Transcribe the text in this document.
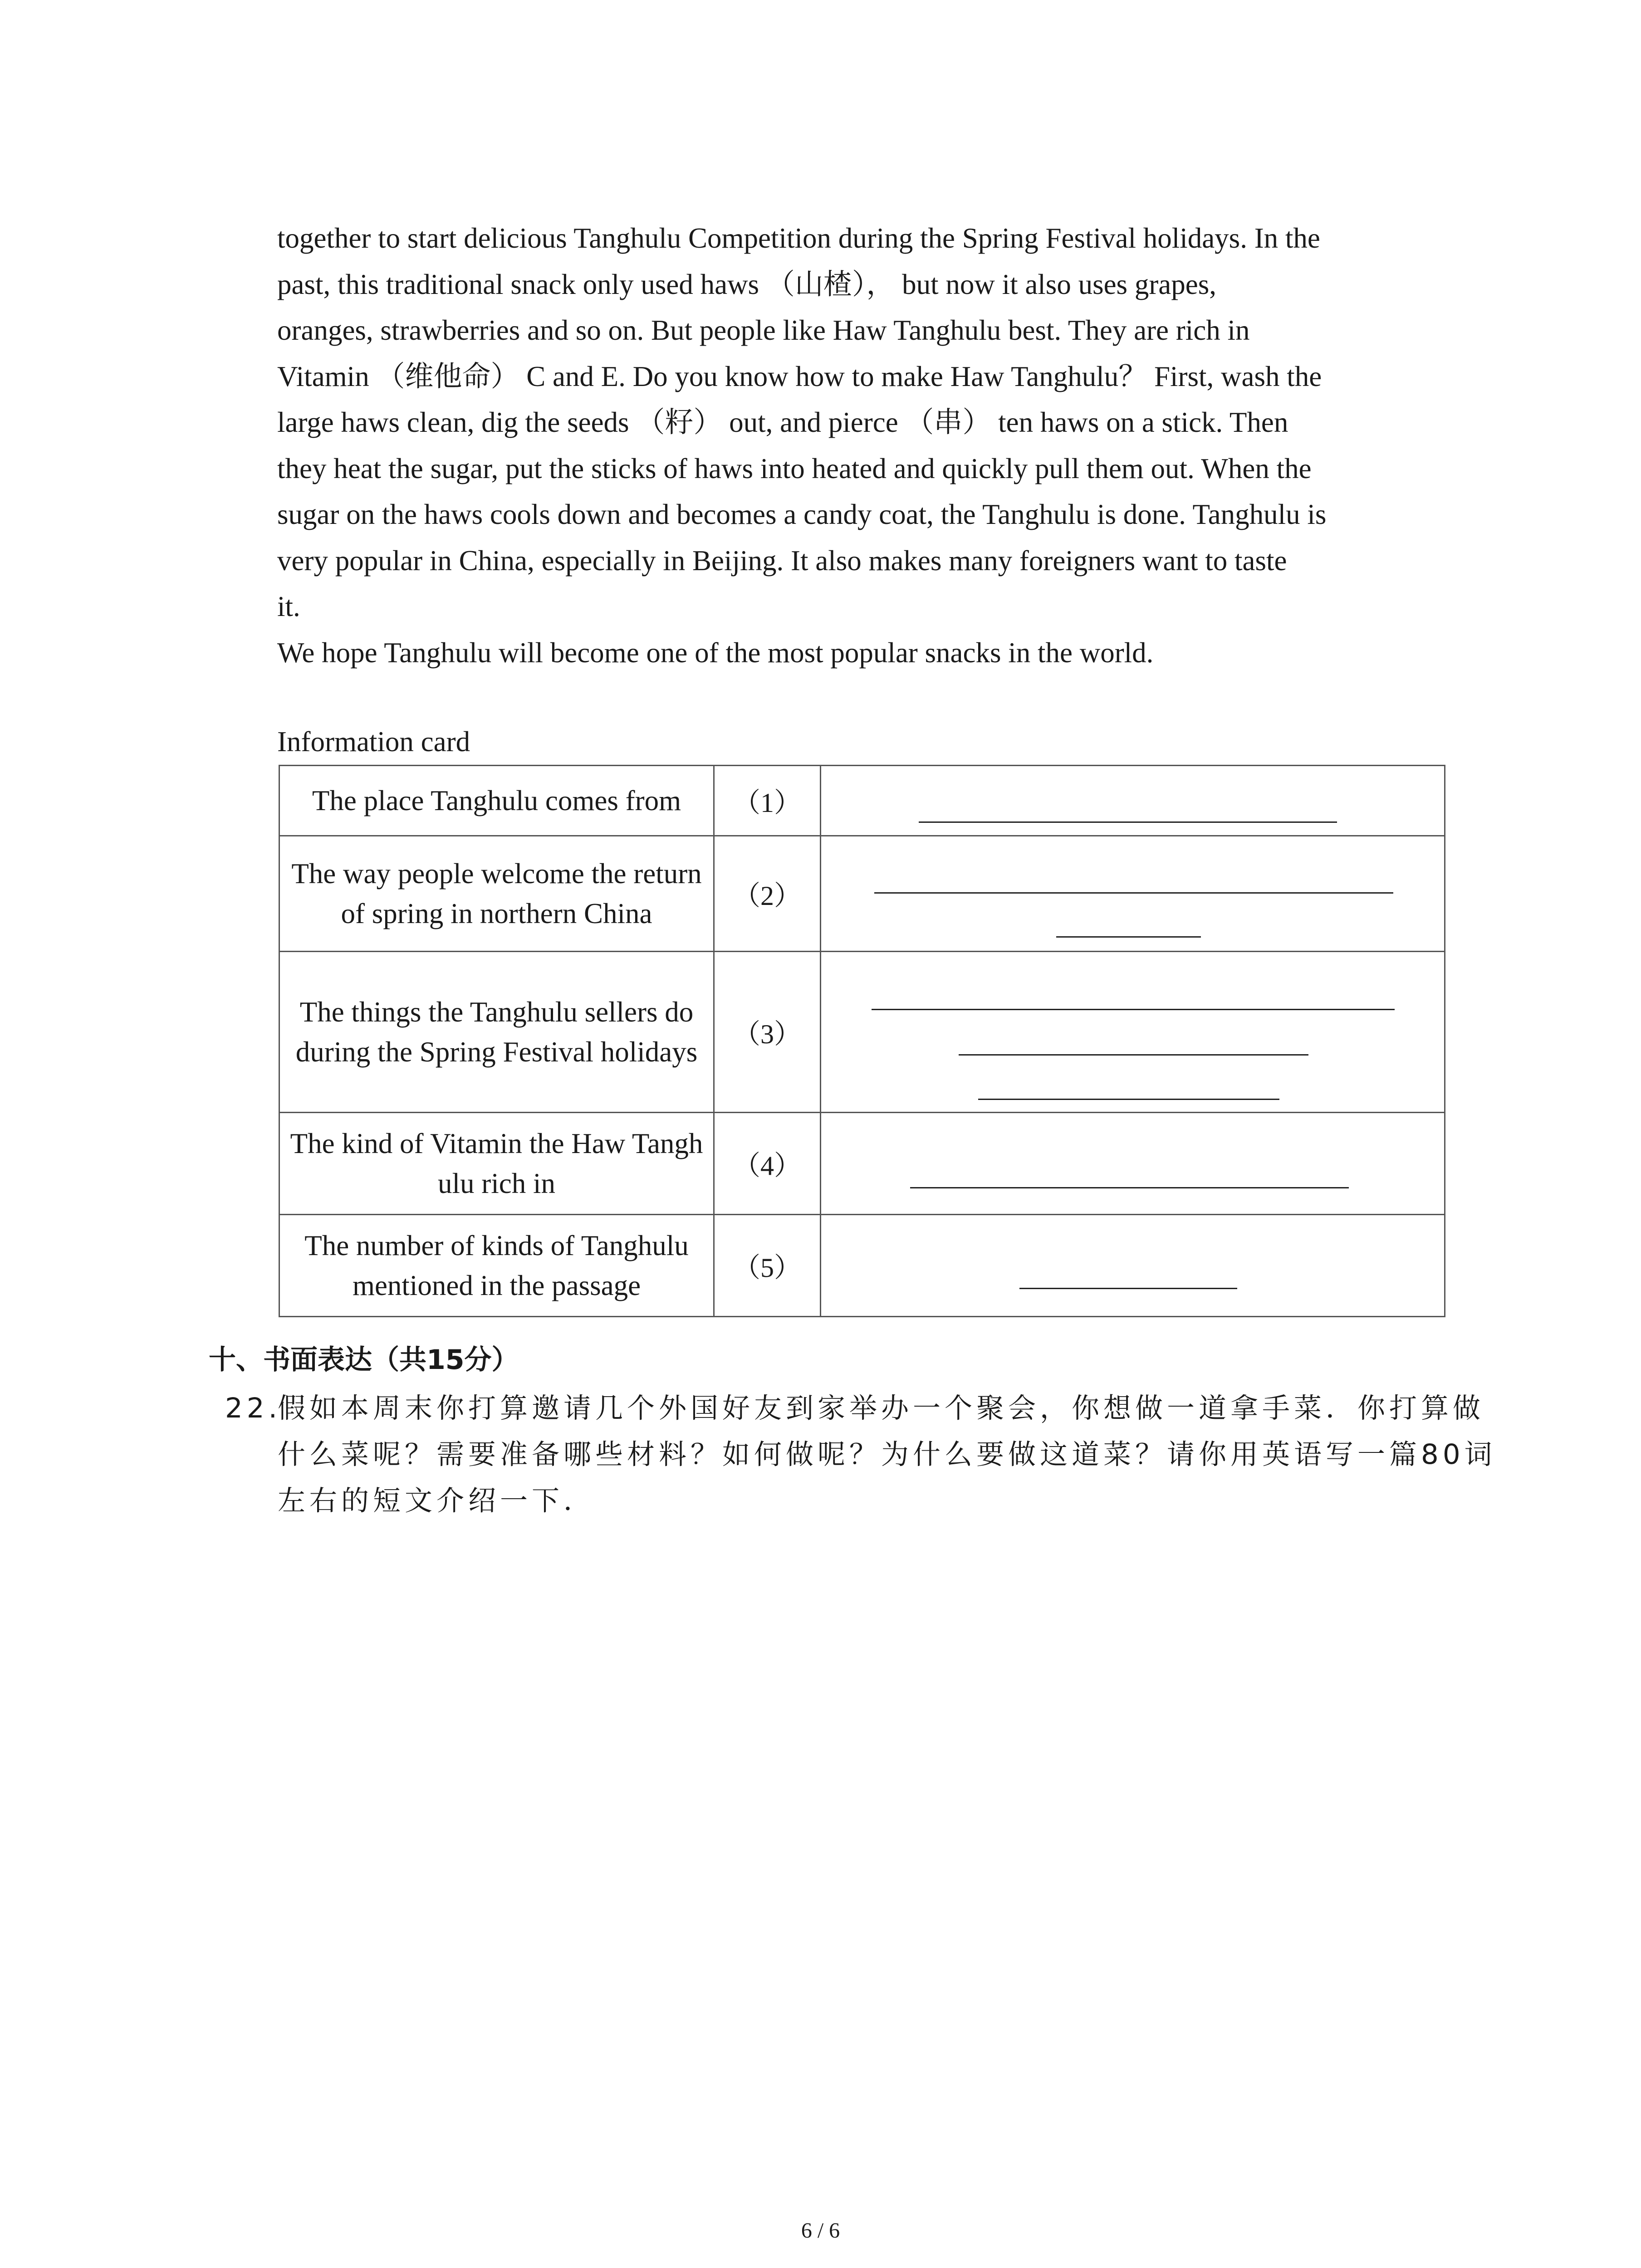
together to start delicious Tanghulu Competition during the Spring Festival holidays. In the
past, this traditional snack only used haws （山楂）， but now it also uses grapes,
oranges, strawberries and so on. But people like Haw Tanghulu best. They are rich in
Vitamin （维他命） C and E. Do you know how to make Haw Tanghulu？ First, wash the
large haws clean, dig the seeds （籽） out, and pierce （串） ten haws on a stick. Then
they heat the sugar, put the sticks of haws into heated and quickly pull them out. When the
sugar on the haws cools down and becomes a candy coat, the Tanghulu is done. Tanghulu is
very popular in China, especially in Beijing. It also makes many foreigners want to taste
it.
We hope Tanghulu will become one of the most popular snacks in the world.
Information card
The place Tanghulu comes from	（1）	

The way people welcome the return of spring in northern China	（2）	

The things the Tanghulu sellers do during the Spring Festival holidays	（3）	

The kind of Vitamin the Haw Tanghulu rich in	（4）	

The number of kinds of Tanghulu mentioned in the passage	（5）	
十、书面表达（共15分）
22.
假如本周末你打算邀请几个外国好友到家举办一个聚会，你想做一道拿手菜．你打算做
什么菜呢？需要准备哪些材料？如何做呢？为什么要做这道菜？请你用英语写一篇80词
左右的短文介绍一下．
6 / 6
